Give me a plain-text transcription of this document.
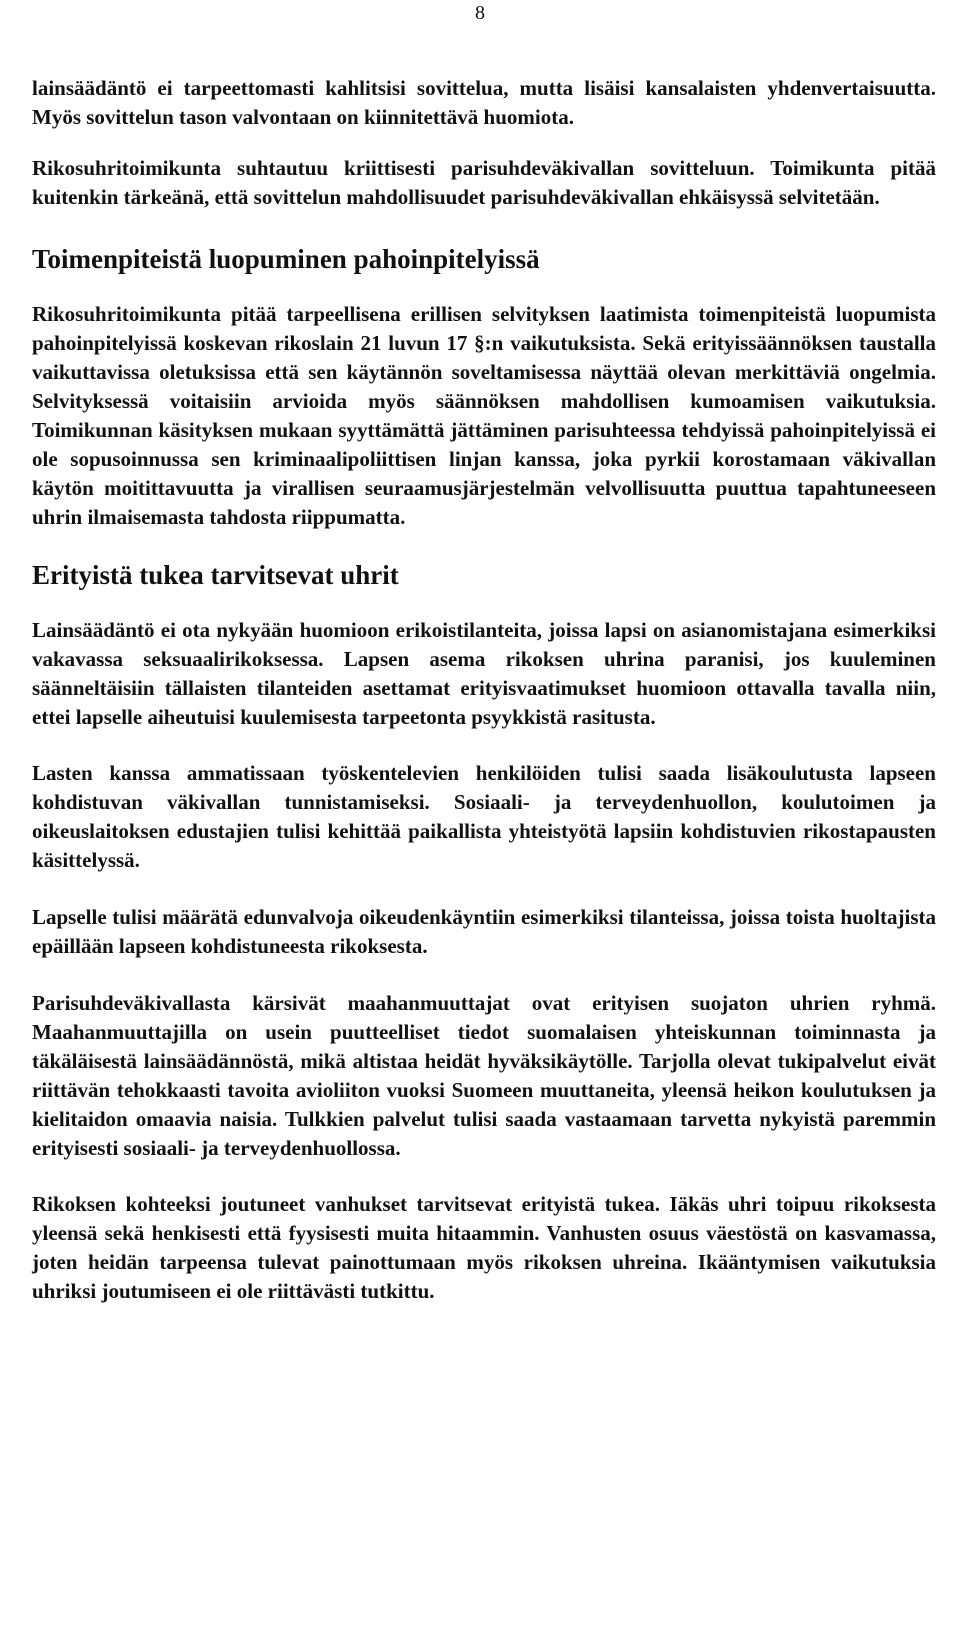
8

lainsäädäntö ei tarpeettomasti kahlitsisi sovittelua, mutta lisäisi kansalaisten yhdenvertaisuutta. Myös sovittelun tason valvontaan on kiinnitettävä huomiota.

Rikosuhritoimikunta suhtautuu kriittisesti parisuhdeväkivallan sovitteluun. Toimikunta pitää kuitenkin tärkeänä, että sovittelun mahdollisuudet parisuhdeväkivallan ehkäisyssä selvitetään.

Toimenpiteistä luopuminen pahoinpitelyissä

Rikosuhritoimikunta pitää tarpeellisena erillisen selvityksen laatimista toimenpiteistä luopumista pahoinpitelyissä koskevan rikoslain 21 luvun 17 §:n vaikutuksista. Sekä erityissäännöksen taustalla vaikuttavissa oletuksissa että sen käytännön soveltamisessa näyttää olevan merkittäviä ongelmia. Selvityksessä voitaisiin arvioida myös säännöksen mahdollisen kumoamisen vaikutuksia. Toimikunnan käsityksen mukaan syyttämättä jättäminen parisuhteessa tehdyissä pahoinpitelyissä ei ole sopusoinnussa sen kriminaalipoliittisen linjan kanssa, joka pyrkii korostamaan väkivallan käytön moitittavuutta ja virallisen seuraamusjärjestelmän velvollisuutta puuttua tapahtuneeseen uhrin ilmaisemasta tahdosta riippumatta.

Erityistä tukea tarvitsevat uhrit

Lainsäädäntö ei ota nykyään huomioon erikoistilanteita, joissa lapsi on asianomistajana esimerkiksi vakavassa seksuaalirikoksessa. Lapsen asema rikoksen uhrina paranisi, jos kuuleminen säänneltäisiin tällaisten tilanteiden asettamat erityisvaatimukset huomioon ottavalla tavalla niin, ettei lapselle aiheutuisi kuulemisesta tarpeetonta psyykkistä rasitusta.

Lasten kanssa ammatissaan työskentelevien henkilöiden tulisi saada lisäkoulutusta lapseen kohdistuvan väkivallan tunnistamiseksi. Sosiaali- ja terveydenhuollon, koulutoimen ja oikeuslaitoksen edustajien tulisi kehittää paikallista yhteistyötä lapsiin kohdistuvien rikostapausten käsittelyssä.

Lapselle tulisi määrätä edunvalvoja oikeudenkäyntiin esimerkiksi tilanteissa, joissa toista huoltajista epäillään lapseen kohdistuneesta rikoksesta.

Parisuhdeväkivallasta kärsivät maahanmuuttajat ovat erityisen suojaton uhrien ryhmä. Maahanmuuttajilla on usein puutteelliset tiedot suomalaisen yhteiskunnan toiminnasta ja täkäläisestä lainsäädännöstä, mikä altistaa heidät hyväksikäytölle. Tarjolla olevat tukipalvelut eivät riittävän tehokkaasti tavoita avioliiton vuoksi Suomeen muuttaneita, yleensä heikon koulutuksen ja kielitaidon omaavia naisia. Tulkkien palvelut tulisi saada vastaamaan tarvetta nykyistä paremmin erityisesti sosiaali- ja terveydenhuollossa.

Rikoksen kohteeksi joutuneet vanhukset tarvitsevat erityistä tukea. Iäkäs uhri toipuu rikoksesta yleensä sekä henkisesti että fyysisesti muita hitaammin. Vanhusten osuus väestöstä on kasvamassa, joten heidän tarpeensa tulevat painottumaan myös rikoksen uhreina. Ikääntymisen vaikutuksia uhriksi joutumiseen ei ole riittävästi tutkittu.
